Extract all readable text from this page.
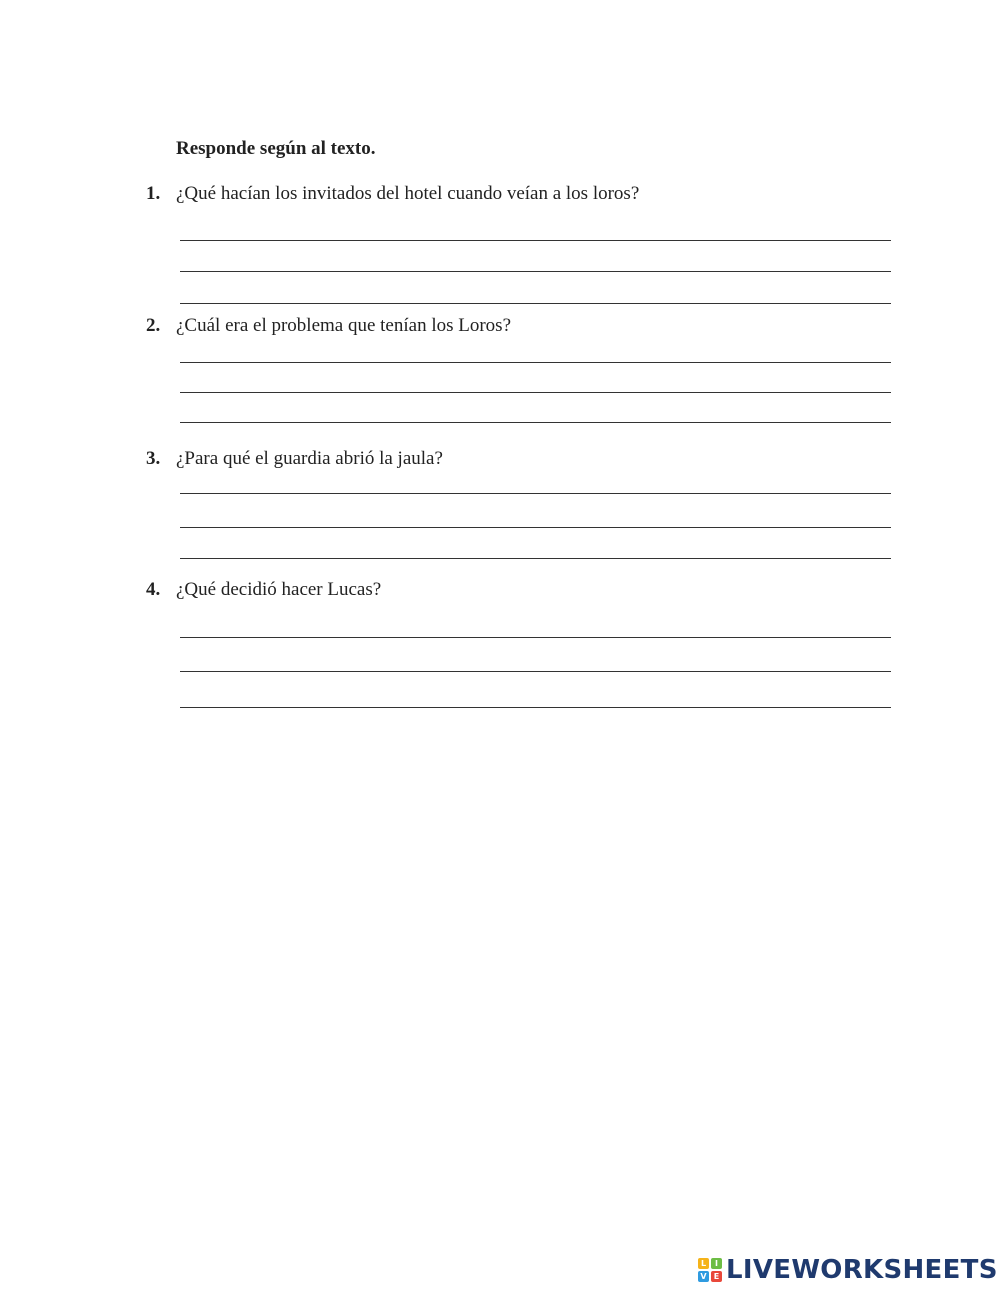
Responde según al texto.
1. ¿Qué hacían los invitados del hotel cuando veían a los loros?
2. ¿Cuál era el problema que tenían los Loros?
3. ¿Para qué el guardia abrió la jaula?
4. ¿Qué decidió hacer Lucas?
L	I
V E LIVEWORKSHEETS
